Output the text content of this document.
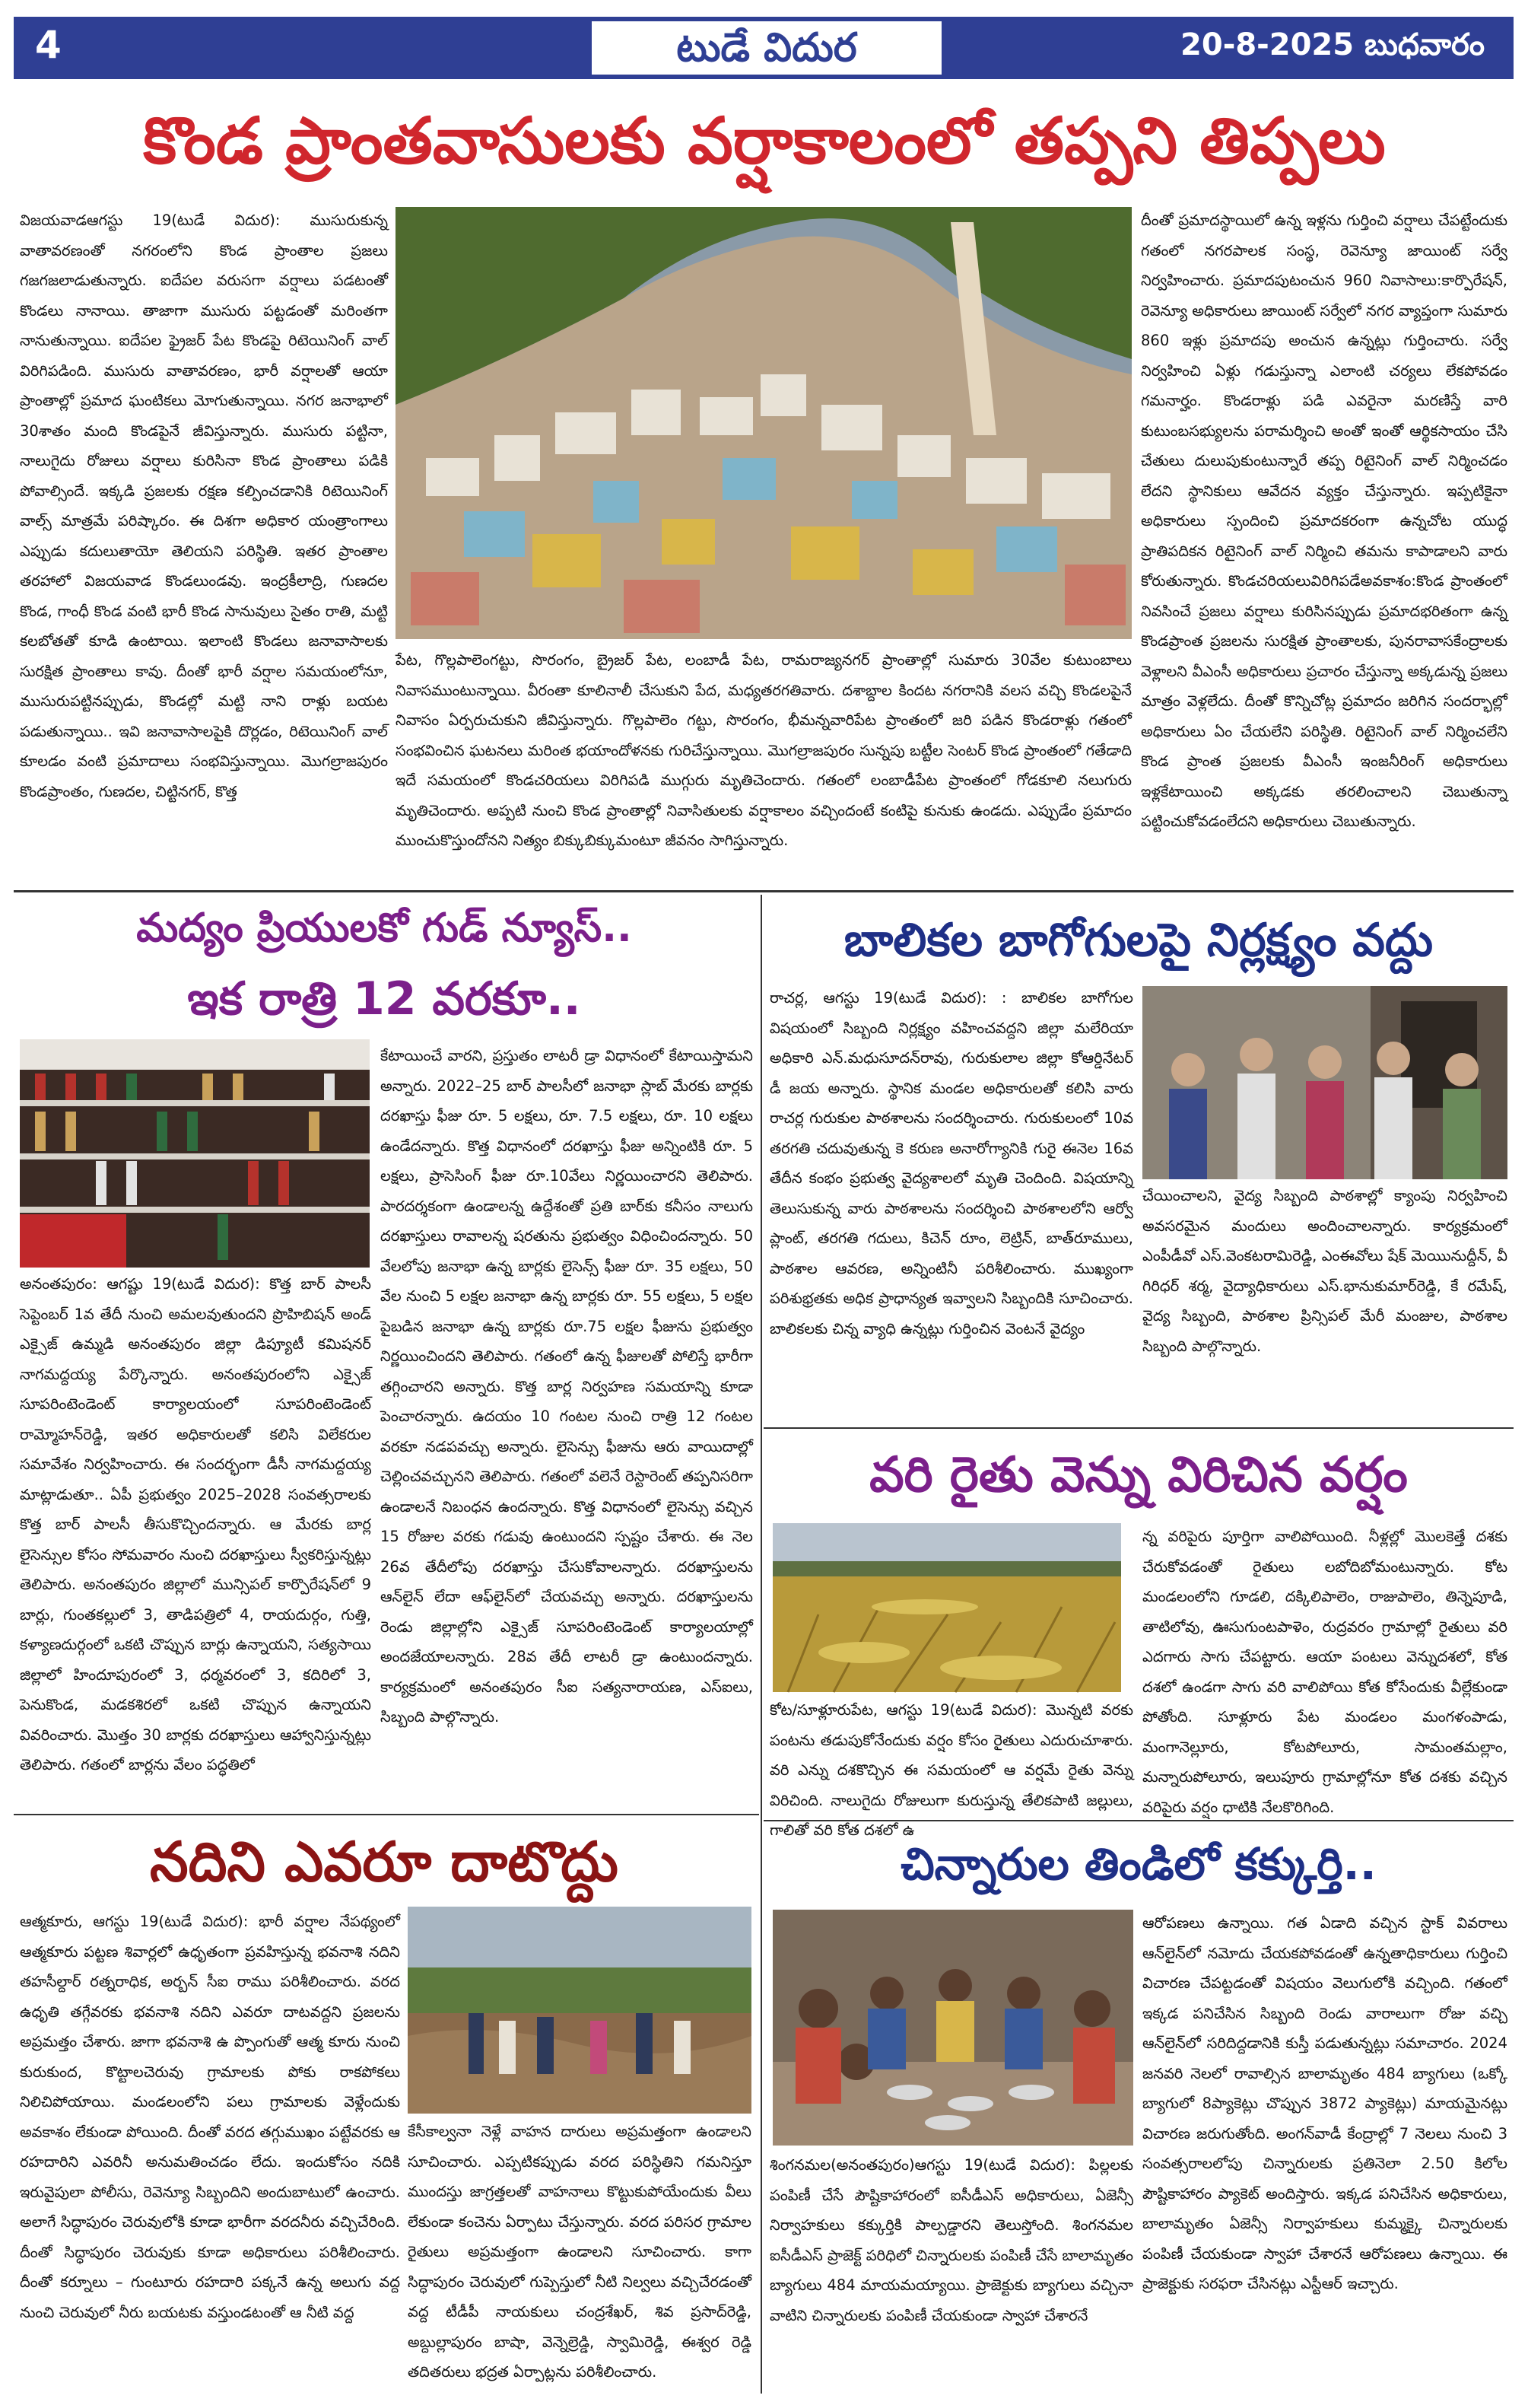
4	టుడే విదుర	20-8-2025 బుధవారం
కొండ ప్రాంతవాసులకు వర్షాకాలంలో తప్పని తిప్పలు
విజయవాడఆగస్టు 19(టుడే విదుర): ముసురుకున్న వాతావరణంతో నగరంలోని కొండ ప్రాంతాల ప్రజలు గజగజలాడుతున్నారు. ఐదేపల వరుసగా వర్షాలు పడటంతో కొండలు నానాయి. తాజాగా ముసురు పట్టడంతో మరింతగా నానుతున్నాయి. ఐదేపల ఫ్రైజర్ పేట కొండపై రిటెయినింగ్ వాల్ విరిగిపడింది. ముసురు వాతావరణం, భారీ వర్షాలతో ఆయా ప్రాంతాల్లో ప్రమాద ఘంటికలు మోగుతున్నాయి. నగర జనాభాలో 30శాతం మంది కొండపైనే జీవిస్తున్నారు. ముసురు పట్టినా, నాలుగైదు రోజులు వర్షాలు కురిసినా కొండ ప్రాంతాలు పడికి పోవాల్సిందే. ఇక్కడి ప్రజలకు రక్షణ కల్పించడానికి రిటెయినింగ్ వాల్స్ మాత్రమే పరిష్కారం. ఈ దిశగా అధికార యంత్రాంగాలు ఎప్పుడు కదులుతాయో తెలియని పరిస్థితి. ఇతర ప్రాంతాల తరహాలో విజయవాడ కొండలుండవు. ఇంద్రకీలాద్రి, గుణదల కొండ, గాంధీ కొండ వంటి భారీ కొండ సానువులు సైతం రాతి, మట్టి కలబోతతో కూడి ఉంటాయి. ఇలాంటి కొండలు జనావాసాలకు సురక్షిత ప్రాంతాలు కావు. దీంతో భారీ వర్షాల సమయంలోనూ, ముసురుపట్టినప్పుడు, కొండల్లో మట్టి నాని రాళ్లు బయట పడుతున్నాయి.. ఇవి జనావాసాలపైకి దొర్లడం, రిటెయినింగ్ వాల్ కూలడం వంటి ప్రమాదాలు సంభవిస్తున్నాయి. మొగల్రాజపురం కొండప్రాంతం, గుణదల, చిట్టినగర్, కొత్త
పేట, గొల్లపాలెంగట్టు, సొరంగం, బ్రైజర్ పేట, లంబాడీ పేట, రామరాజ్యనగర్ ప్రాంతాల్లో సుమారు 30వేల కుటుంబాలు నివాసముంటున్నాయి. వీరంతా కూలినాలీ చేసుకుని పేద, మధ్యతరగతివారు. దశాబ్దాల కిందట నగరానికి వలస వచ్చి కొండలపైనే నివాసం ఏర్పరుచుకుని జీవిస్తున్నారు. గొల్లపాలెం గట్టు, సొరంగం, భీమన్నవారిపేట ప్రాంతంలో జరి పడిన కొండరాళ్లు గతంలో సంభవించిన ఘటనలు మరింత భయాందోళనకు గురిచేస్తున్నాయి. మొగల్రాజపురం సున్నపు బట్టీల సెంటర్ కొండ ప్రాంతంలో గతేడాది ఇదే సమయంలో కొండచరియలు విరిగిపడి ముగ్గురు మృతిచెందారు. గతంలో లంబాడీపేట ప్రాంతంలో గోడకూలి నలుగురు మృతిచెందారు. అప్పటి నుంచి కొండ ప్రాంతాల్లో నివాసితులకు వర్షాకాలం వచ్చిందంటే కంటిపై కునుకు ఉండదు. ఎప్పుడేం ప్రమాదం ముంచుకొస్తుందోనని నిత్యం బిక్కుబిక్కుమంటూ జీవనం సాగిస్తున్నారు.
దీంతో ప్రమాదస్థాయిలో ఉన్న ఇళ్లను గుర్తించి వర్షాలు చేపట్టేందుకు గతంలో నగరపాలక సంస్థ, రెవెన్యూ జాయింట్ సర్వే నిర్వహించారు. ప్రమాదపుటంచున 960 నివాసాలు:కార్పొరేషన్, రెవెన్యూ అధికారులు జాయింట్ సర్వేలో నగర వ్యాప్తంగా సుమారు 860 ఇళ్లు ప్రమాదపు అంచున ఉన్నట్లు గుర్తించారు. సర్వే నిర్వహించి ఏళ్లు గడుస్తున్నా ఎలాంటి చర్యలు లేకపోవడం గమనార్హం. కొండరాళ్లు పడి ఎవరైనా మరణిస్తే వారి కుటుంబసభ్యులను పరామర్శించి అంతో ఇంతో ఆర్థికసాయం చేసి చేతులు దులుపుకుంటున్నారే తప్ప రిటైనింగ్ వాల్ నిర్మించడం లేదని స్థానికులు ఆవేదన వ్యక్తం చేస్తున్నారు. ఇప్పటికైనా అధికారులు స్పందించి ప్రమాదకరంగా ఉన్నచోట యుద్ధ ప్రాతిపదికన రిటైనింగ్ వాల్ నిర్మించి తమను కాపాడాలని వారు కోరుతున్నారు. కొండచరియలువిరిగిపడేఅవకాశం:కొండ ప్రాంతంలో నివసించే ప్రజలు వర్షాలు కురిసినప్పుడు ప్రమాదభరితంగా ఉన్న కొండప్రాంత ప్రజలను సురక్షిత ప్రాంతాలకు, పునరావాసకేంద్రాలకు వెళ్లాలని వీఎంసీ అధికారులు ప్రచారం చేస్తున్నా అక్కడున్న ప్రజలు మాత్రం వెళ్లలేదు. దీంతో కొన్నిచోట్ల ప్రమాదం జరిగిన సందర్భాల్లో అధికారులు ఏం చేయలేని పరిస్థితి. రిటైనింగ్ వాల్ నిర్మించలేని కొండ ప్రాంత ప్రజలకు వీఎంసీ ఇంజనీరింగ్ అధికారులు ఇళ్లకేటాయించి అక్కడకు తరలించాలని చెబుతున్నా పట్టించుకోవడంలేదని అధికారులు చెబుతున్నారు.
మద్యం ప్రియులకో గుడ్ న్యూస్..
ఇక రాత్రి 12 వరకూ..
అనంతపురం: ఆగష్టు 19(టుడే విదుర): కొత్త బార్ పాలసీ సెప్టెంబర్ 1వ తేదీ నుంచి అమలవుతుందని ప్రొహిబిషన్ అండ్ ఎక్సైజ్ ఉమ్మడి అనంతపురం జిల్లా డిప్యూటీ కమిషనర్ నాగమద్దయ్య పేర్కొన్నారు. అనంతపురంలోని ఎక్సైజ్ సూపరింటెండెంట్ కార్యాలయంలో సూపరింటెండెంట్ రామ్మోహన్‌రెడ్డి, ఇతర అధికారులతో కలిసి విలేకరుల సమావేశం నిర్వహించారు. ఈ సందర్భంగా డీసీ నాగమద్దయ్య మాట్లాడుతూ.. ఏపీ ప్రభుత్వం 2025–2028 సంవత్సరాలకు కొత్త బార్ పాలసీ తీసుకొచ్చిందన్నారు. ఆ మేరకు బార్ల లైసెన్సుల కోసం సోమవారం నుంచి దరఖాస్తులు స్వీకరిస్తున్నట్లు తెలిపారు. అనంతపురం జిల్లాలో మున్సిపల్ కార్పొరేషన్‌లో 9 బార్లు, గుంతకల్లులో 3, తాడిపత్రిలో 4, రాయదుర్గం, గుత్తి, కళ్యాణదుర్గంలో ఒకటి చొప్పున బార్లు ఉన్నాయని, సత్యసాయి జిల్లాలో హిందూపురంలో 3, ధర్మవరంలో 3, కదిరిలో 3, పెనుకొండ, మడకశిరలో ఒకటి చొప్పున ఉన్నాయని వివరించారు. మొత్తం 30 బార్లకు దరఖాస్తులు ఆహ్వానిస్తున్నట్లు తెలిపారు. గతంలో బార్లను వేలం పద్ధతిలో
కేటాయించే వారని, ప్రస్తుతం లాటరీ డ్రా విధానంలో కేటాయిస్తామని అన్నారు. 2022–25 బార్ పాలసీలో జనాభా స్లాబ్ మేరకు బార్లకు దరఖాస్తు ఫీజు రూ. 5 లక్షలు, రూ. 7.5 లక్షలు, రూ. 10 లక్షలు ఉండేదన్నారు. కొత్త విధానంలో దరఖాస్తు ఫీజు అన్నింటికి రూ. 5 లక్షలు, ప్రాసెసింగ్ ఫీజు రూ.10వేలు నిర్ణయించారని తెలిపారు. పారదర్శకంగా ఉండాలన్న ఉద్దేశంతో ప్రతి బార్‌కు కనీసం నాలుగు దరఖాస్తులు రావాలన్న షరతును ప్రభుత్వం విధించిందన్నారు. 50 వేలలోపు జనాభా ఉన్న బార్లకు లైసెన్స్ ఫీజు రూ. 35 లక్షలు, 50 వేల నుంచి 5 లక్షల జనాభా ఉన్న బార్లకు రూ. 55 లక్షలు, 5 లక్షల పైబడిన జనాభా ఉన్న బార్లకు రూ.75 లక్షల ఫీజును ప్రభుత్వం నిర్ణయించిందని తెలిపారు. గతంలో ఉన్న ఫీజులతో పోలిస్తే భారీగా తగ్గించారని అన్నారు. కొత్త బార్ల నిర్వహణ సమయాన్ని కూడా పెంచారన్నారు. ఉదయం 10 గంటల నుంచి రాత్రి 12 గంటల వరకూ నడపవచ్చు అన్నారు. లైసెన్సు ఫీజును ఆరు వాయిదాల్లో చెల్లించవచ్చునని తెలిపారు. గతంలో వలెనే రెస్టారెంట్ తప్పనిసరిగా ఉండాలనే నిబంధన ఉందన్నారు. కొత్త విధానంలో లైసెన్సు వచ్చిన 15 రోజుల వరకు గడువు ఉంటుందని స్పష్టం చేశారు. ఈ నెల 26వ తేదీలోపు దరఖాస్తు చేసుకోవాలన్నారు. దరఖాస్తులను ఆన్‌లైన్ లేదా ఆఫ్‌లైన్‌లో చేయవచ్చు అన్నారు. దరఖాస్తులను రెండు జిల్లాల్లోని ఎక్సైజ్ సూపరింటెండెంట్ కార్యాలయాల్లో అందజేయాలన్నారు. 28వ తేదీ లాటరీ డ్రా ఉంటుందన్నారు. కార్యక్రమంలో అనంతపురం సీఐ సత్యనారాయణ, ఎస్ఐలు, సిబ్బంది పాల్గొన్నారు.
నదిని ఎవరూ దాటొద్దు
ఆత్మకూరు, ఆగస్టు 19(టుడే విదుర): భారీ వర్షాల నేపథ్యంలో ఆత్మకూరు పట్టణ శివార్లలో ఉధృతంగా ప్రవహిస్తున్న భవనాశి నదిని తహసీల్దార్ రత్నరాధిక, అర్బన్ సీఐ రాము పరిశీలించారు. వరద ఉధృతి తగ్గేవరకు భవనాశి నదిని ఎవరూ దాటవద్దని ప్రజలను అప్రమత్తం చేశారు. జాగా భవనాశి ఉ ప్పొంగుతో ఆత్మ కూరు నుంచి కురుకుంద, కొట్టాలచెరువు గ్రామాలకు పోకు రాకపోకలు నిలిచిపోయాయి. మండలంలోని పలు గ్రామాలకు వెళ్లేందుకు అవకాశం లేకుండా పోయింది. దీంతో వరద తగ్గుముఖం పట్టేవరకు ఆ రహదారిని ఎవరినీ అనుమతించడం లేదు. ఇందుకోసం నదికి ఇరువైపులా పోలీసు, రెవెన్యూ సిబ్బందిని అందుబాటులో ఉంచారు. అలాగే సిద్ధాపురం చెరువులోకి కూడా భారీగా వరదనీరు వచ్చిచేరింది. దీంతో సిద్ధాపురం చెరువుకు కూడా అధికారులు పరిశీలించారు. దీంతో కర్నూలు – గుంటూరు రహదారి పక్కనే ఉన్న అలుగు వద్ద నుంచి చెరువులో నీరు బయటకు వస్తుండటంతో ఆ నీటి వద్ద
కేసీకాల్వనా నెళ్లే వాహన దారులు అప్రమత్తంగా ఉండాలని సూచించారు. ఎప్పటికప్పుడు వరద పరిస్థితిని గమనిస్తూ ముందస్తు జాగ్రత్తలతో వాహనాలు కొట్టుకుపోయేందుకు వీలు లేకుండా కంచెను ఏర్పాటు చేస్తున్నారు. వరద పరిసర గ్రామాల రైతులు అప్రమత్తంగా ఉండాలని సూచించారు. కాగా సిద్ధాపురం చెరువులో గుప్పెస్తులో నీటి నిల్వలు వచ్చిచేరడంతో వద్ద టీడీపీ నాయకులు చంద్రశేఖర్, శివ ప్రసాద్‌రెడ్డి, అబ్దుల్లాపురం బాషా, వెన్నెల్రెడ్డి, స్వామిరెడ్డి, ఈశ్వర రెడ్డి తదితరులు భద్రత ఏర్పాట్లను పరిశీలించారు.
బాలికల బాగోగులపై నిర్లక్ష్యం వద్దు
రాచర్ల, ఆగస్టు 19(టుడే విదుర): : బాలికల బాగోగుల విషయంలో సిబ్బంది నిర్లక్ష్యం వహించవద్దని జిల్లా మలేరియా అధికారి ఎన్.మధుసూదన్‌రావు, గురుకులాల జిల్లా కోఆర్డినేటర్ డీ జయ అన్నారు. స్థానిక మండల అధికారులతో కలిసి వారు రాచర్ల గురుకుల పాఠశాలను సందర్శించారు. గురుకులంలో 10వ తరగతి చదువుతున్న కె కరుణ అనారోగ్యానికి గురై ఈనెల 16వ తేదీన కంభం ప్రభుత్వ వైద్యశాలలో మృతి చెందింది. విషయాన్ని తెలుసుకున్న వారు పాఠశాలను సందర్శించి పాఠశాలలోని ఆర్వో ప్లాంట్, తరగతి గదులు, కిచెన్ రూం, లెట్రిన్, బాత్‌రూములు, పాఠశాల ఆవరణ, అన్నింటినీ పరిశీలించారు. ముఖ్యంగా పరిశుభ్రతకు అధిక ప్రాధాన్యత ఇవ్వాలని సిబ్బందికి సూచించారు. బాలికలకు చిన్న వ్యాధి ఉన్నట్లు గుర్తించిన వెంటనే వైద్యం
చేయించాలని, వైద్య సిబ్బంది పాఠశాల్లో క్యాంపు నిర్వహించి అవసరమైన మందులు అందించాలన్నారు. కార్యక్రమంలో ఎంపీడీవో ఎస్.వెంకటరామిరెడ్డి, ఎంఈవోలు షేక్ మెయిునుద్దీన్, వీ గిరిధర్ శర్మ, వైద్యాధికారులు ఎస్.భానుకుమార్‌రెడ్డి, కే రమేష్, వైద్య సిబ్బంది, పాఠశాల ప్రిన్సిపల్ మేరీ మంజుల, పాఠశాల సిబ్బంది పాల్గొన్నారు.
వరి రైతు వెన్ను విరిచిన వర్షం
కోట/సూళ్లూరుపేట, ఆగస్టు 19(టుడే విదుర): మొన్నటి వరకు పంటను తడుపుకోనేందుకు వర్షం కోసం రైతులు ఎదురుచూశారు. వరి ఎన్ను దశకొచ్చిన ఈ సమయంలో ఆ వర్షమే రైతు వెన్ను విరిచింది. నాలుగైదు రోజులుగా కురుస్తున్న తేలికపాటి జల్లులు, గాలితో వరి కోత దశలో ఉ
న్న వరిపైరు పూర్తిగా వాలిపోయింది. నీళ్లల్లో మొలకెత్తే దశకు చేరుకోవడంతో రైతులు లబోదిబోమంటున్నారు. కోట మండలంలోని గూడలి, దక్కిలిపాలెం, రాజుపాలెం, తిన్నెపూడి, తాటిలోవు, ఊసుగుంటపాళెం, రుద్రవరం గ్రామాల్లో రైతులు వరి ఎదగారు సాగు చేపట్టారు. ఆయా పంటలు వెన్నుదశలో, కోత దశలో ఉండగా సాగు వరి వాలిపోయి కోత కోసేందుకు వీల్లేకుండా పోతోంది. సూళ్లూరు పేట మండలం మంగళంపాడు, మంగానెల్లూరు, కోటపోలూరు, సామంతమల్లాం, మన్నారుపోలూరు, ఇలుపూరు గ్రామాల్లోనూ కోత దశకు వచ్చిన వరిపైరు వర్షం ధాటికి నేలకొరిగింది.
చిన్నారుల తిండిలో కక్కుర్తి..
శింగనమల(అనంతపురం)ఆగస్టు 19(టుడే విదుర): పిల్లలకు పంపిణీ చేసే పౌష్టికాహారంలో ఐసీడీఎస్ అధికారులు, ఏజెన్సీ నిర్వాహకులు కక్కుర్తికి పాల్పడ్డారని తెలుస్తోంది. శింగనమల ఐసీడీఎస్ ప్రాజెక్ట్ పరిధిలో చిన్నారులకు పంపిణీ చేసే బాలామృతం బ్యాగులు 484 మాయమయ్యాయి. ప్రాజెక్టుకు బ్యాగులు వచ్చినా వాటిని చిన్నారులకు పంపిణీ చేయకుండా స్వాహా చేశారనే
ఆరోపణలు ఉన్నాయి. గత ఏడాది వచ్చిన స్టాక్ వివరాలు ఆన్‌లైన్‌లో నమోదు చేయకపోవడంతో ఉన్నతాధికారులు గుర్తించి విచారణ చేపట్టడంతో విషయం వెలుగులోకి వచ్చింది. గతంలో ఇక్కడ పనిచేసిన సిబ్బంది రెండు వారాలుగా రోజు వచ్చి ఆన్‌లైన్‌లో సరిదిద్దడానికి కుస్తీ పడుతున్నట్లు సమాచారం. 2024 జనవరి నెలలో రావాల్సిన బాలామృతం 484 బ్యాగులు (ఒక్కో బ్యాగులో 8ప్యాకెట్లు చొప్పున 3872 ప్యాకెట్లు) మాయమైనట్లు విచారణ జరుగుతోంది. అంగన్‌వాడీ కేంద్రాల్లో 7 నెలలు నుంచి 3 సంవత్సరాలలోపు చిన్నారులకు ప్రతినెలా 2.50 కిలోల పౌష్టికాహారం ప్యాకెట్ అందిస్తారు. ఇక్కడ పనిచేసిన అధికారులు, బాలామృతం ఏజెన్సీ నిర్వాహకులు కుమ్మక్కై చిన్నారులకు పంపిణీ చేయకుండా స్వాహా చేశారనే ఆరోపణలు ఉన్నాయి. ఈ ప్రాజెక్టుకు సరఫరా చేసినట్లు ఎస్టీఆర్ ఇచ్చారు.
